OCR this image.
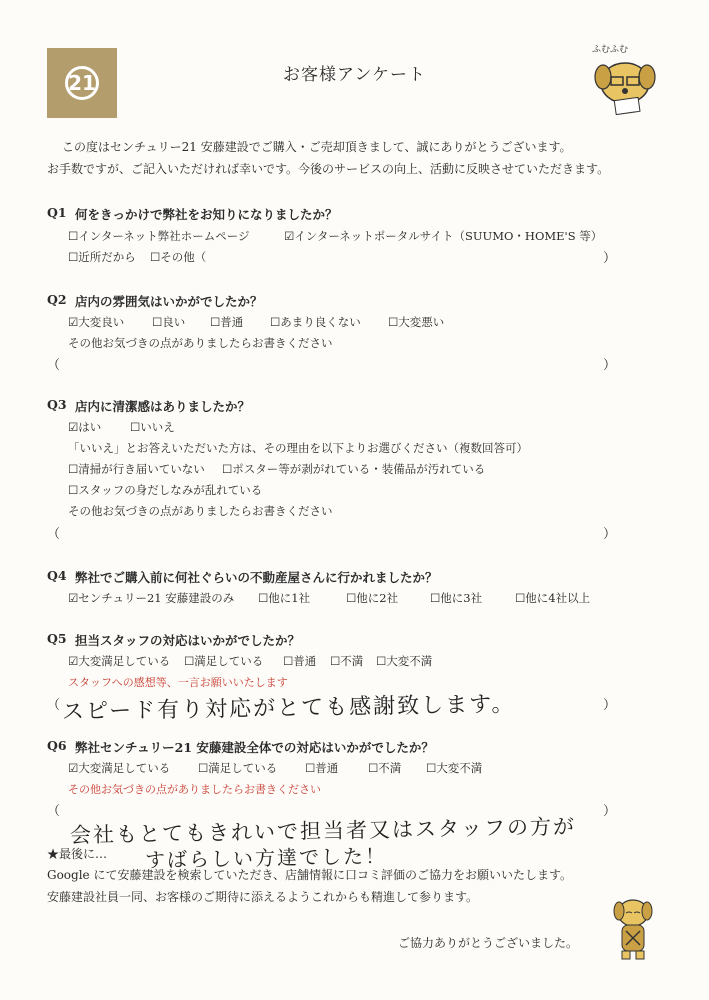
21	お客様アンケート
ふむふむ
この度はセンチュリー21 安藤建設でご購入・ご売却頂きまして、誠にありがとうございます。
お手数ですが、ご記入いただければ幸いです。今後のサービスの向上、活動に反映させていただきます。
Q1 何をきっかけで弊社をお知りになりましたか？
☐インターネット弊社ホームページ	☑インターネットポータルサイト（SUUMO・HOME'S 等）
☐近所だから ☐その他（	）
Q2 店内の雰囲気はいかがでしたか？
☑大変良い ☐良い ☐普通 ☐あまり良くない ☐大変悪い
その他お気づきの点がありましたらお書きください
（	）
Q3 店内に清潔感はありましたか？
☑はい ☐いいえ
「いいえ」とお答えいただいた方は、その理由を以下よりお選びください（複数回答可）
☐清掃が行き届いていない ☐ポスター等が剥がれている・装備品が汚れている
☐スタッフの身だしなみが乱れている
その他お気づきの点がありましたらお書きください
（	）
Q4 弊社でご購入前に何社ぐらいの不動産屋さんに行かれましたか？
☑センチュリー21 安藤建設のみ ☐他に1社	☐他に2社	☐他に3社	☐他に4社以上
Q5 担当スタッフの対応はいかがでしたか？
☑大変満足している ☐満足している ☐普通 ☐不満 ☐大変不満
スタッフへの感想等、一言お願いいたします
（ スピード有り対応がとても感謝致します。	）
Q6 弊社センチュリー21 安藤建設全体での対応はいかがでしたか？
☑大変満足している ☐満足している ☐普通	☐不満 ☐大変不満
その他お気づきの点がありましたらお書きください
（	）
会社もとてもきれいで担当者又はスタッフの方が
すばらしい方達でした！
★最後に…
Google にて安藤建設を検索していただき、店舗情報に口コミ評価のご協力をお願いいたします。
安藤建設社員一同、お客様のご期待に添えるようこれからも精進して参ります。
ご協力ありがとうございました。
